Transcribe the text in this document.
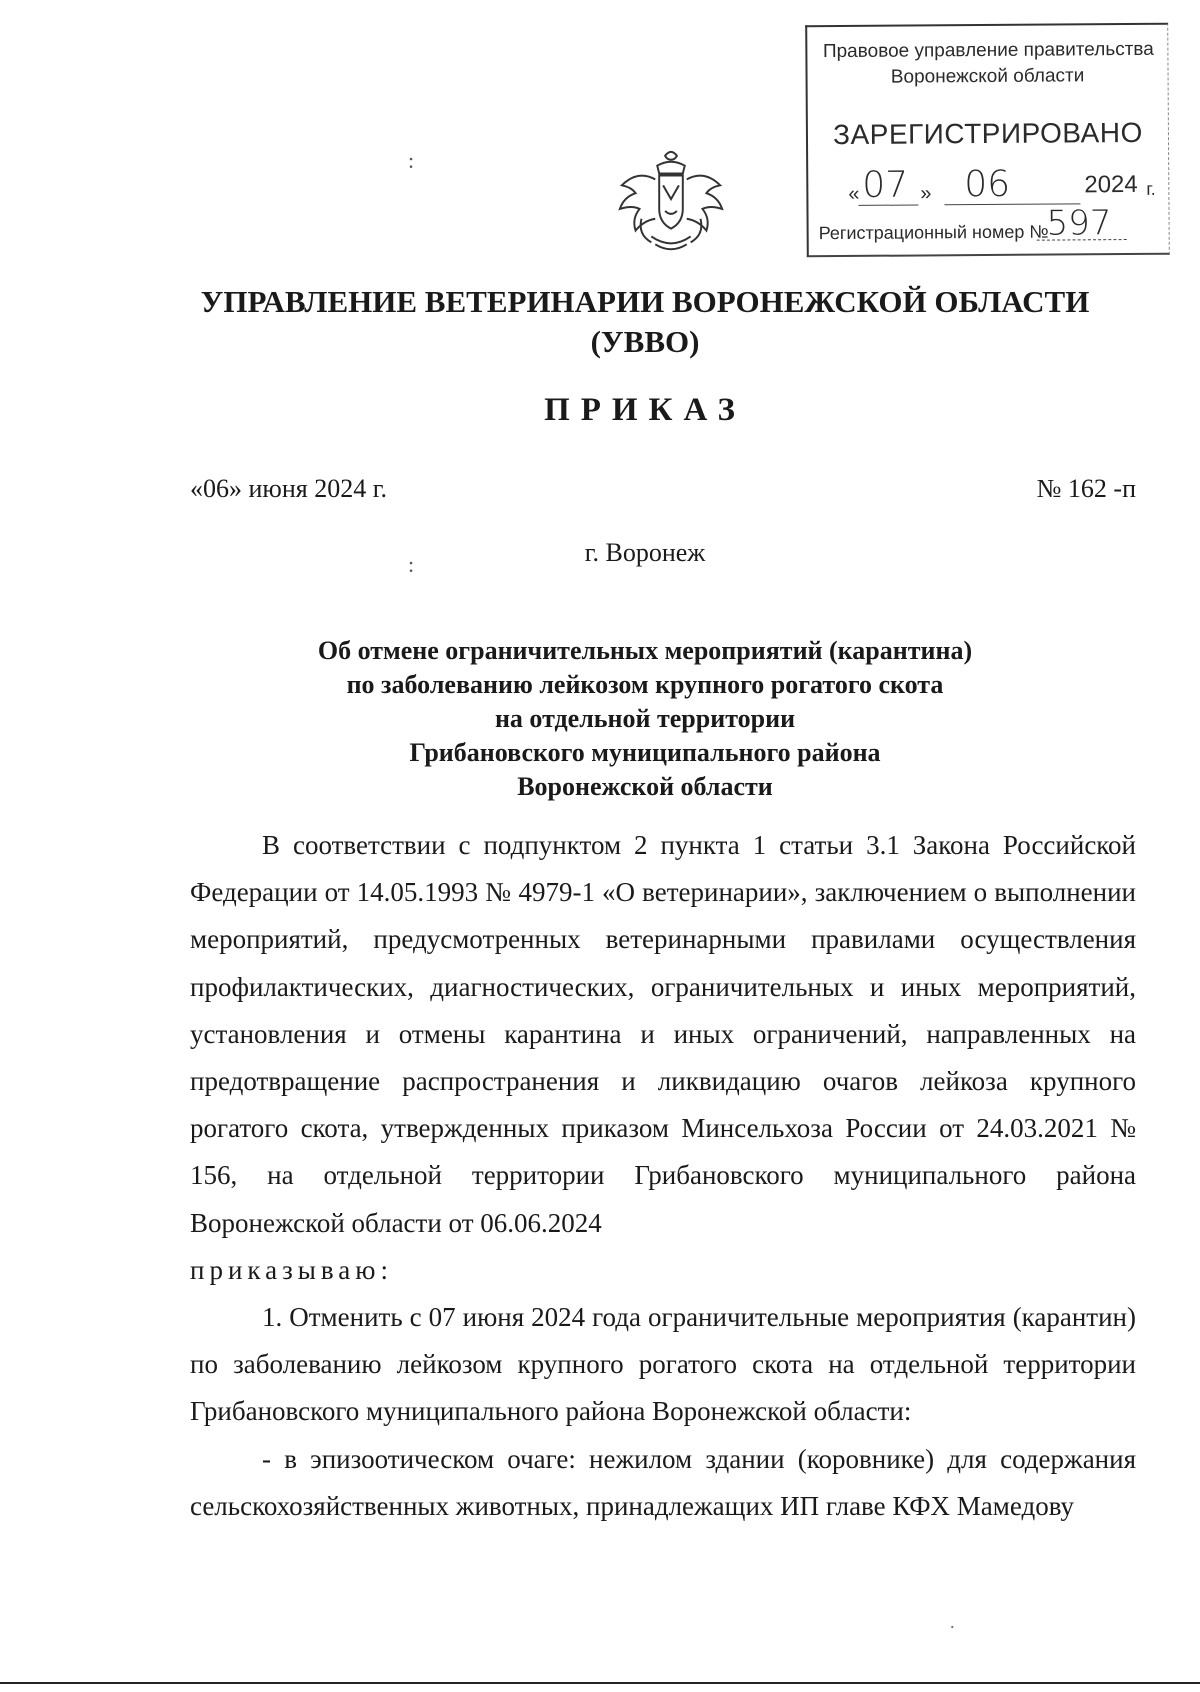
Правовое управление правительства
Воронежской области
ЗАРЕГИСТРИРОВАНО
« 07 » 06	2024 г.
Регистрационный номер №
597
:
:
УПРАВЛЕНИЕ ВЕТЕРИНАРИИ ВОРОНЕЖСКОЙ ОБЛАСТИ
(УВВО)
ПРИКАЗ
«06» июня 2024 г.	№ 162 -п
г. Воронеж
Об отмене ограничительных мероприятий (карантина)
по заболеванию лейкозом крупного рогатого скота
на отдельной территории
Грибановского муниципального района
Воронежской области

В соответствии с подпунктом 2 пункта 1 статьи 3.1 Закона Российской Федерации от 14.05.1993 № 4979-1 «О ветеринарии», заключением о выполнении мероприятий, предусмотренных ветеринарными правилами осуществления профилактических, диагностических, ограничительных и иных мероприятий, установления и отмены карантина и иных ограничений, направленных на предотвращение распространения и ликвидацию очагов лейкоза крупного рогатого скота, утвержденных приказом Минсельхоза России от 24.03.2021 № 156, на отдельной территории Грибановского муниципального района Воронежской области от 06.06.2024

приказываю:

1. Отменить с 07 июня 2024 года ограничительные мероприятия (карантин) по заболеванию лейкозом крупного рогатого скота на отдельной территории Грибановского муниципального района Воронежской области:

- в эпизоотическом очаге: нежилом здании (коровнике) для содержания сельскохозяйственных животных, принадлежащих ИП главе КФХ Мамедову

.
